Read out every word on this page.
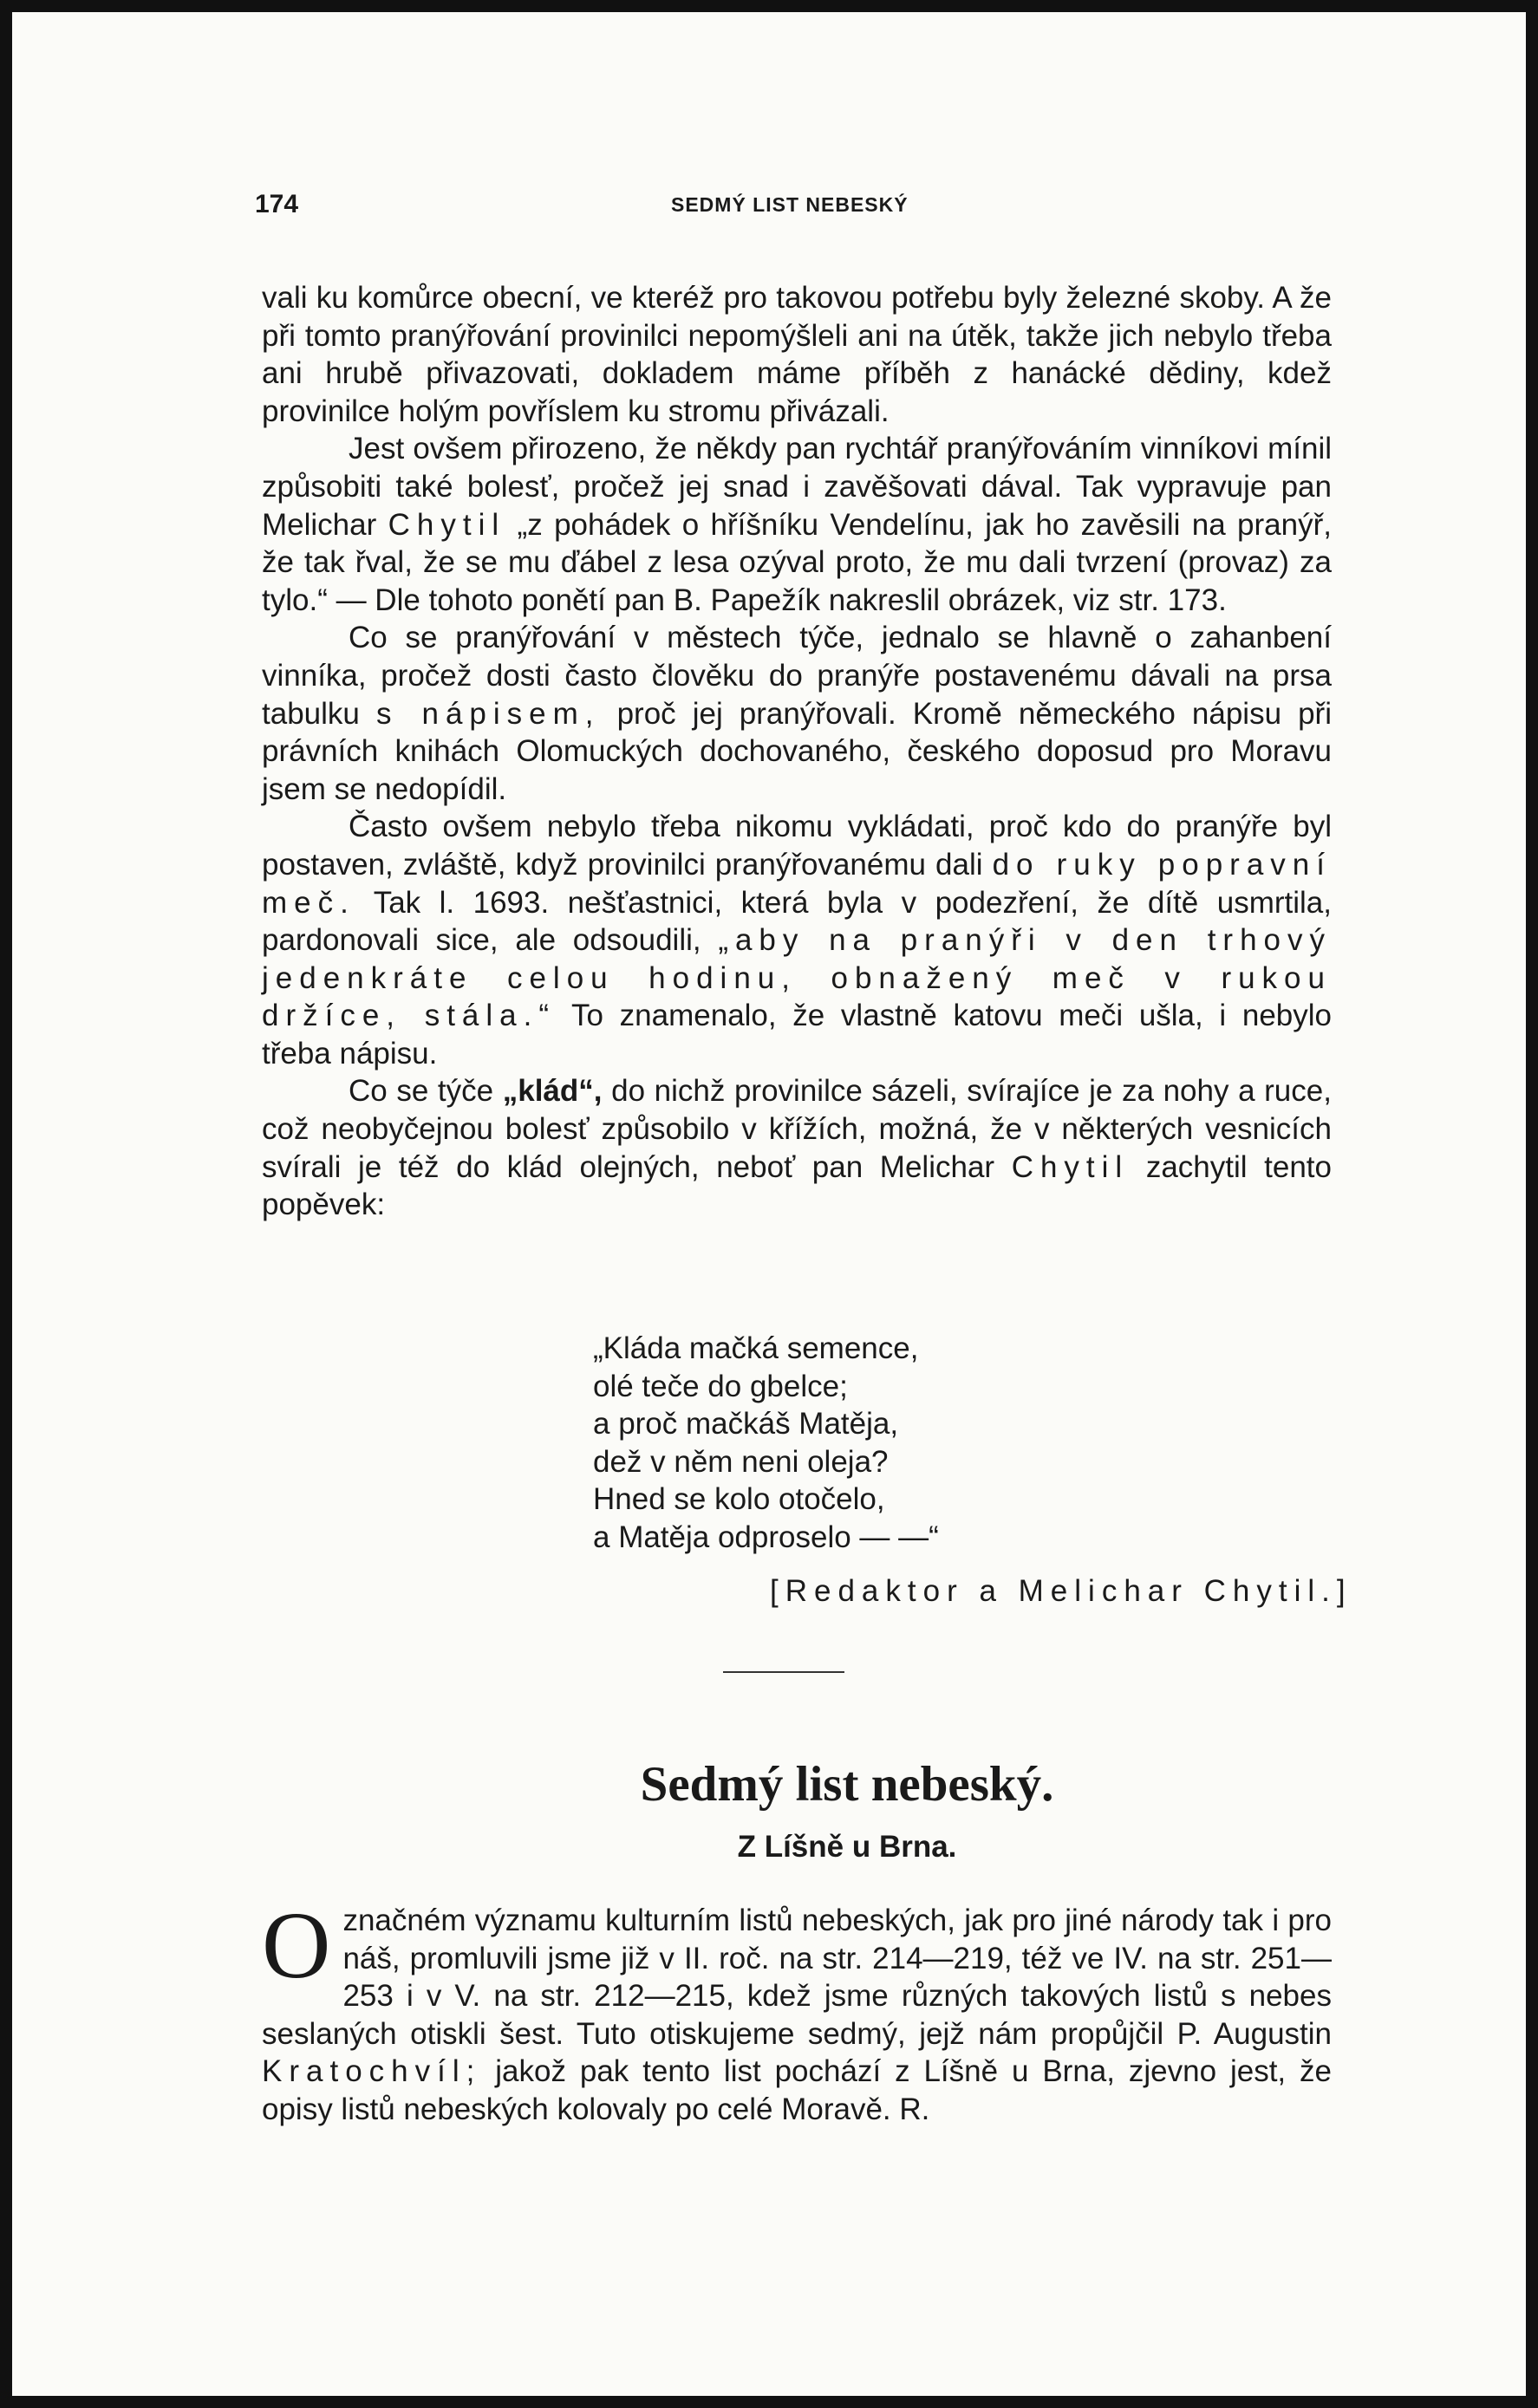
174	SEDMÝ LIST NEBESKÝ

vali ku komůrce obecní, ve kteréž pro takovou potřebu byly železné skoby. A že při tomto pranýřování provinilci nepomýšleli ani na útěk, takže jich nebylo třeba ani hrubě přivazovati, dokladem máme příběh z hanácké dědiny, kdež provinilce holým povříslem ku stromu přivázali.

Jest ovšem přirozeno, že někdy pan rychtář pranýřováním vinníkovi mínil způsobiti také bolesť, pročež jej snad i zavěšovati dával. Tak vypravuje pan Melichar Chytil „z pohádek o hříšníku Vendelínu, jak ho zavěsili na pranýř, že tak řval, že se mu ďábel z lesa ozýval proto, že mu dali tvrzení (provaz) za tylo.“ — Dle tohoto ponětí pan B. Papežík nakreslil obrázek, viz str. 173.

Co se pranýřování v městech týče, jednalo se hlavně o zahanbení vinníka, pročež dosti často člověku do pranýře postavenému dávali na prsa tabulku s nápisem, proč jej pranýřovali. Kromě německého nápisu při právních knihách Olomuckých dochovaného, českého doposud pro Moravu jsem se nedopídil.

Často ovšem nebylo třeba nikomu vykládati, proč kdo do pranýře byl postaven, zvláště, když provinilci pranýřovanému dali do ruky popravní meč. Tak l. 1693. nešťastnici, která byla v podezření, že dítě usmrtila, pardonovali sice, ale odsoudili, „aby na pranýři v den trhový jedenkráte celou hodinu, obnažený meč v rukou držíce, stála.“ To znamenalo, že vlastně katovu meči ušla, i nebylo třeba nápisu.

Co se týče „klád“, do nichž provinilce sázeli, svírajíce je za nohy a ruce, což neobyčejnou bolesť způsobilo v křížích, možná, že v některých vesnicích svírali je též do klád olejných, neboť pan Melichar Chytil zachytil tento popěvek:

„Kláda mačká semence,
olé teče do gbelce;
a proč mačkáš Matěja,
dež v něm neni oleja?
Hned se kolo otočelo,
a Matěja odproselo — —“
[Redaktor a Melichar Chytil.]
Sedmý list nebeský.
Z Líšně u Brna.
Označném významu kulturním listů nebeských, jak pro jiné národy tak i pro náš, promluvili jsme již v II. roč. na str. 214—219, též ve IV. na str. 251—253 i v V. na str. 212—215, kdež jsme různých takových listů s nebes seslaných otiskli šest. Tuto otiskujeme sedmý, jejž nám propůjčil P. Augustin Kratochvíl; jakož pak tento list pochází z Líšně u Brna, zjevno jest, že opisy listů nebeských kolovaly po celé Moravě. R.
